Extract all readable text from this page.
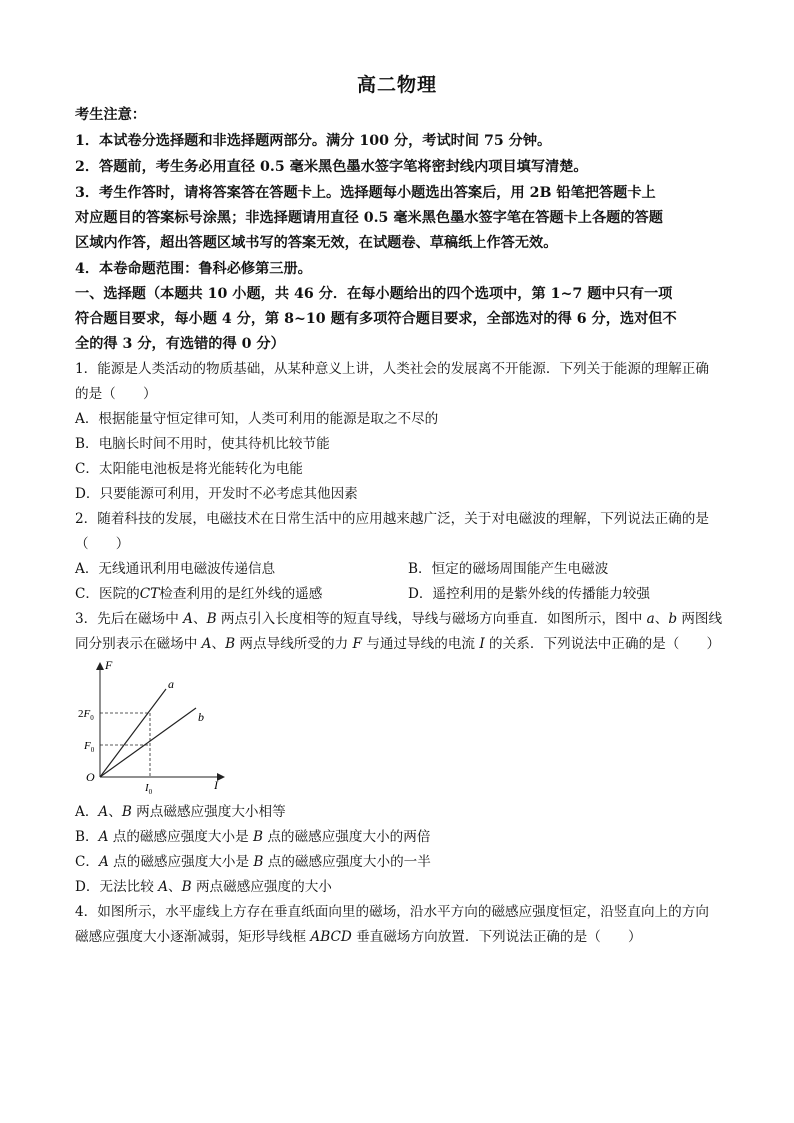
高二物理
考生注意：
1．本试卷分选择题和非选择题两部分。满分 100 分，考试时间 75 分钟。
2．答题前，考生务必用直径 0.5 毫米黑色墨水签字笔将密封线内项目填写清楚。
3．考生作答时，请将答案答在答题卡上。选择题每小题选出答案后，用 2B 铅笔把答题卡上
对应题目的答案标号涂黑；非选择题请用直径 0.5 毫米黑色墨水签字笔在答题卡上各题的答题
区域内作答，超出答题区域书写的答案无效，在试题卷、草稿纸上作答无效。
4．本卷命题范围：鲁科必修第三册。
一、选择题（本题共 10 小题，共 46 分．在每小题给出的四个选项中，第 1~7 题中只有一项
符合题目要求，每小题 4 分，第 8~10 题有多项符合题目要求，全部选对的得 6 分，选对但不
全的得 3 分，有选错的得 0 分）
1．能源是人类活动的物质基础，从某种意义上讲，人类社会的发展离不开能源．下列关于能源的理解正确
的是（　　）
A．根据能量守恒定律可知，人类可利用的能源是取之不尽的
B．电脑长时间不用时，使其待机比较节能
C．太阳能电池板是将光能转化为电能
D．只要能源可利用，开发时不必考虑其他因素
2．随着科技的发展，电磁技术在日常生活中的应用越来越广泛，关于对电磁波的理解，下列说法正确的是
（　　）
A．无线通讯利用电磁波传递信息	B．恒定的磁场周围能产生电磁波
C．医院的CT检查利用的是红外线的遥感	D．遥控利用的是紫外线的传播能力较强
3．先后在磁场中 A、B 两点引入长度相等的短直导线，导线与磁场方向垂直．如图所示，图中 a、b 两图线
同分别表示在磁场中 A、B 两点导线所受的力 F 与通过导线的电流 I 的关系．下列说法中正确的是（　　）
F
I
O
$2F_0$
$F_0$
$I_0$
a
b
A．A、B 两点磁感应强度大小相等
B．A 点的磁感应强度大小是 B 点的磁感应强度大小的两倍
C．A 点的磁感应强度大小是 B 点的磁感应强度大小的一半
D．无法比较 A、B 两点磁感应强度的大小
4．如图所示，水平虚线上方存在垂直纸面向里的磁场，沿水平方向的磁感应强度恒定，沿竖直向上的方向
磁感应强度大小逐渐减弱，矩形导线框 ABCD 垂直磁场方向放置．下列说法正确的是（　　）
